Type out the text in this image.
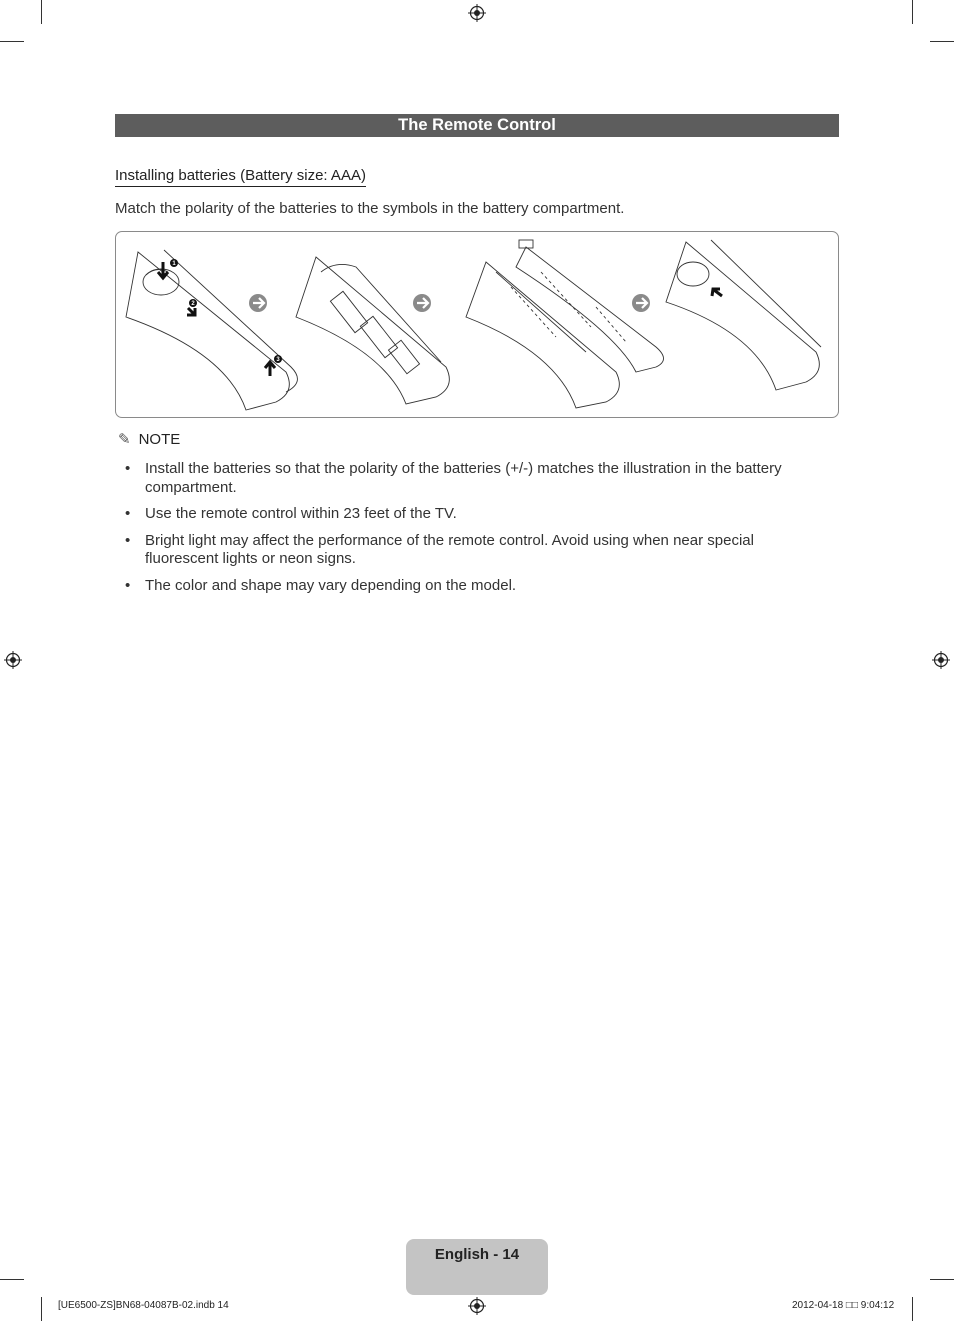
The Remote Control
Installing batteries (Battery size: AAA)
Match the polarity of the batteries to the symbols in the battery compartment.
1
2
3
✎ NOTE
• Install the batteries so that the polarity of the batteries (+/-) matches the illustration in the battery compartment.
• Use the remote control within 23 feet of the TV.
• Bright light may affect the performance of the remote control. Avoid using when near special fluorescent lights or neon signs.
• The color and shape may vary depending on the model.
English - 14
[UE6500-ZS]BN68-04087B-02.indb 14	2012-04-18 □□ 9:04:12
